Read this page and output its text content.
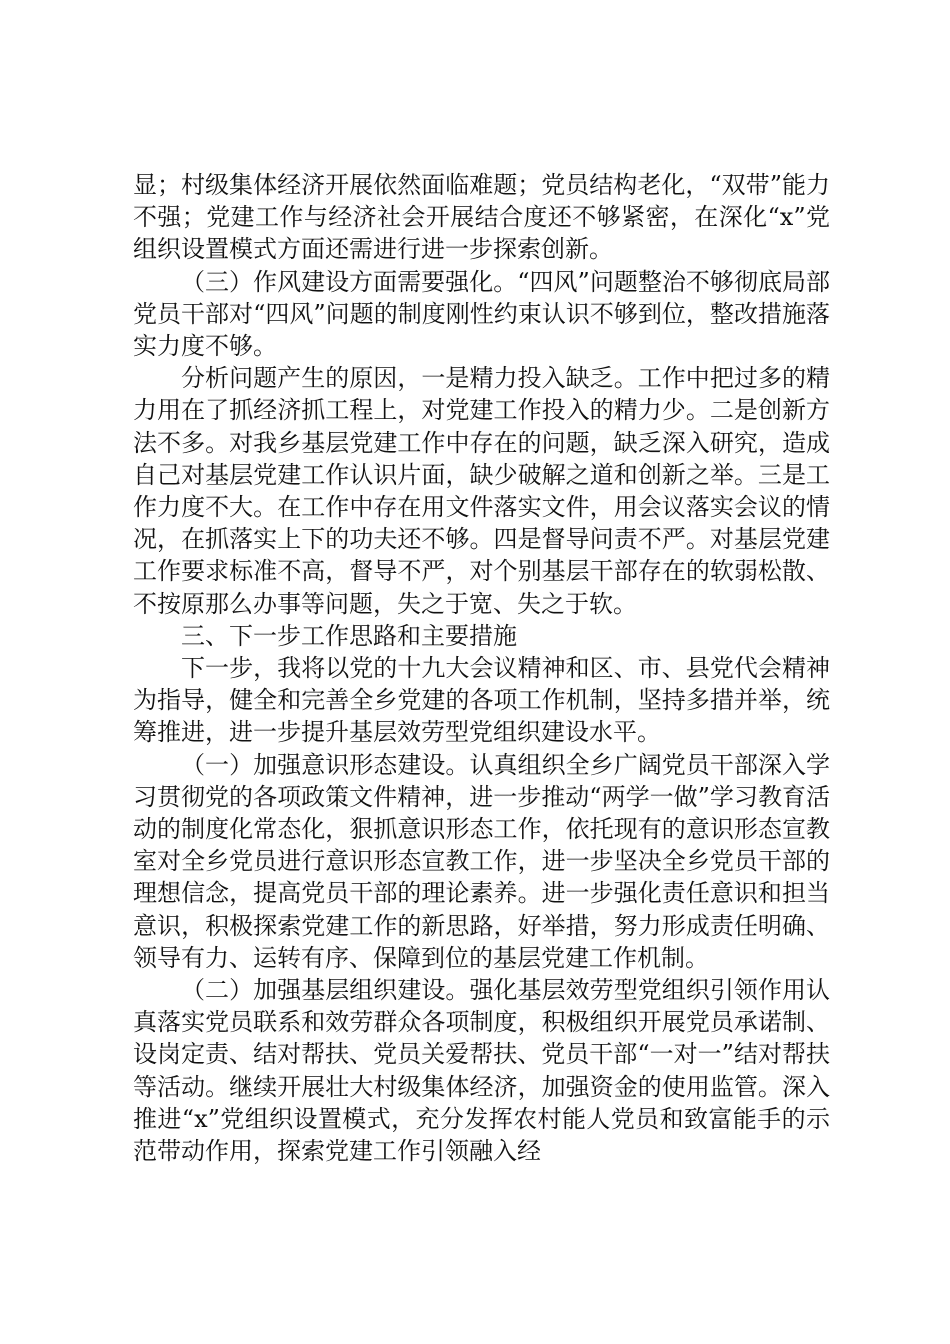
显；村级集体经济开展依然面临难题；党员结构老化，“双带”能力不强；党建工作与经济社会开展结合度还不够紧密，在深化“x”党组织设置模式方面还需进行进一步探索创新。

（三）作风建设方面需要强化。“四风”问题整治不够彻底局部党员干部对“四风”问题的制度刚性约束认识不够到位，整改措施落实力度不够。

分析问题产生的原因，一是精力投入缺乏。工作中把过多的精力用在了抓经济抓工程上，对党建工作投入的精力少。二是创新方法不多。对我乡基层党建工作中存在的问题，缺乏深入研究，造成自己对基层党建工作认识片面，缺少破解之道和创新之举。三是工作力度不大。在工作中存在用文件落实文件，用会议落实会议的情况，在抓落实上下的功夫还不够。四是督导问责不严。对基层党建工作要求标准不高，督导不严，对个别基层干部存在的软弱松散、不按原那么办事等问题，失之于宽、失之于软。

三、下一步工作思路和主要措施

下一步，我将以党的十九大会议精神和区、市、县党代会精神为指导，健全和完善全乡党建的各项工作机制，坚持多措并举，统筹推进，进一步提升基层效劳型党组织建设水平。

（一）加强意识形态建设。认真组织全乡广阔党员干部深入学习贯彻党的各项政策文件精神，进一步推动“两学一做”学习教育活动的制度化常态化，狠抓意识形态工作，依托现有的意识形态宣教室对全乡党员进行意识形态宣教工作，进一步坚决全乡党员干部的理想信念，提高党员干部的理论素养。进一步强化责任意识和担当意识，积极探索党建工作的新思路，好举措，努力形成责任明确、领导有力、运转有序、保障到位的基层党建工作机制。

（二）加强基层组织建设。强化基层效劳型党组织引领作用认真落实党员联系和效劳群众各项制度，积极组织开展党员承诺制、设岗定责、结对帮扶、党员关爱帮扶、党员干部“一对一”结对帮扶等活动。继续开展壮大村级集体经济，加强资金的使用监管。深入推进“x”党组织设置模式，充分发挥农村能人党员和致富能手的示范带动作用，探索党建工作引领融入经
